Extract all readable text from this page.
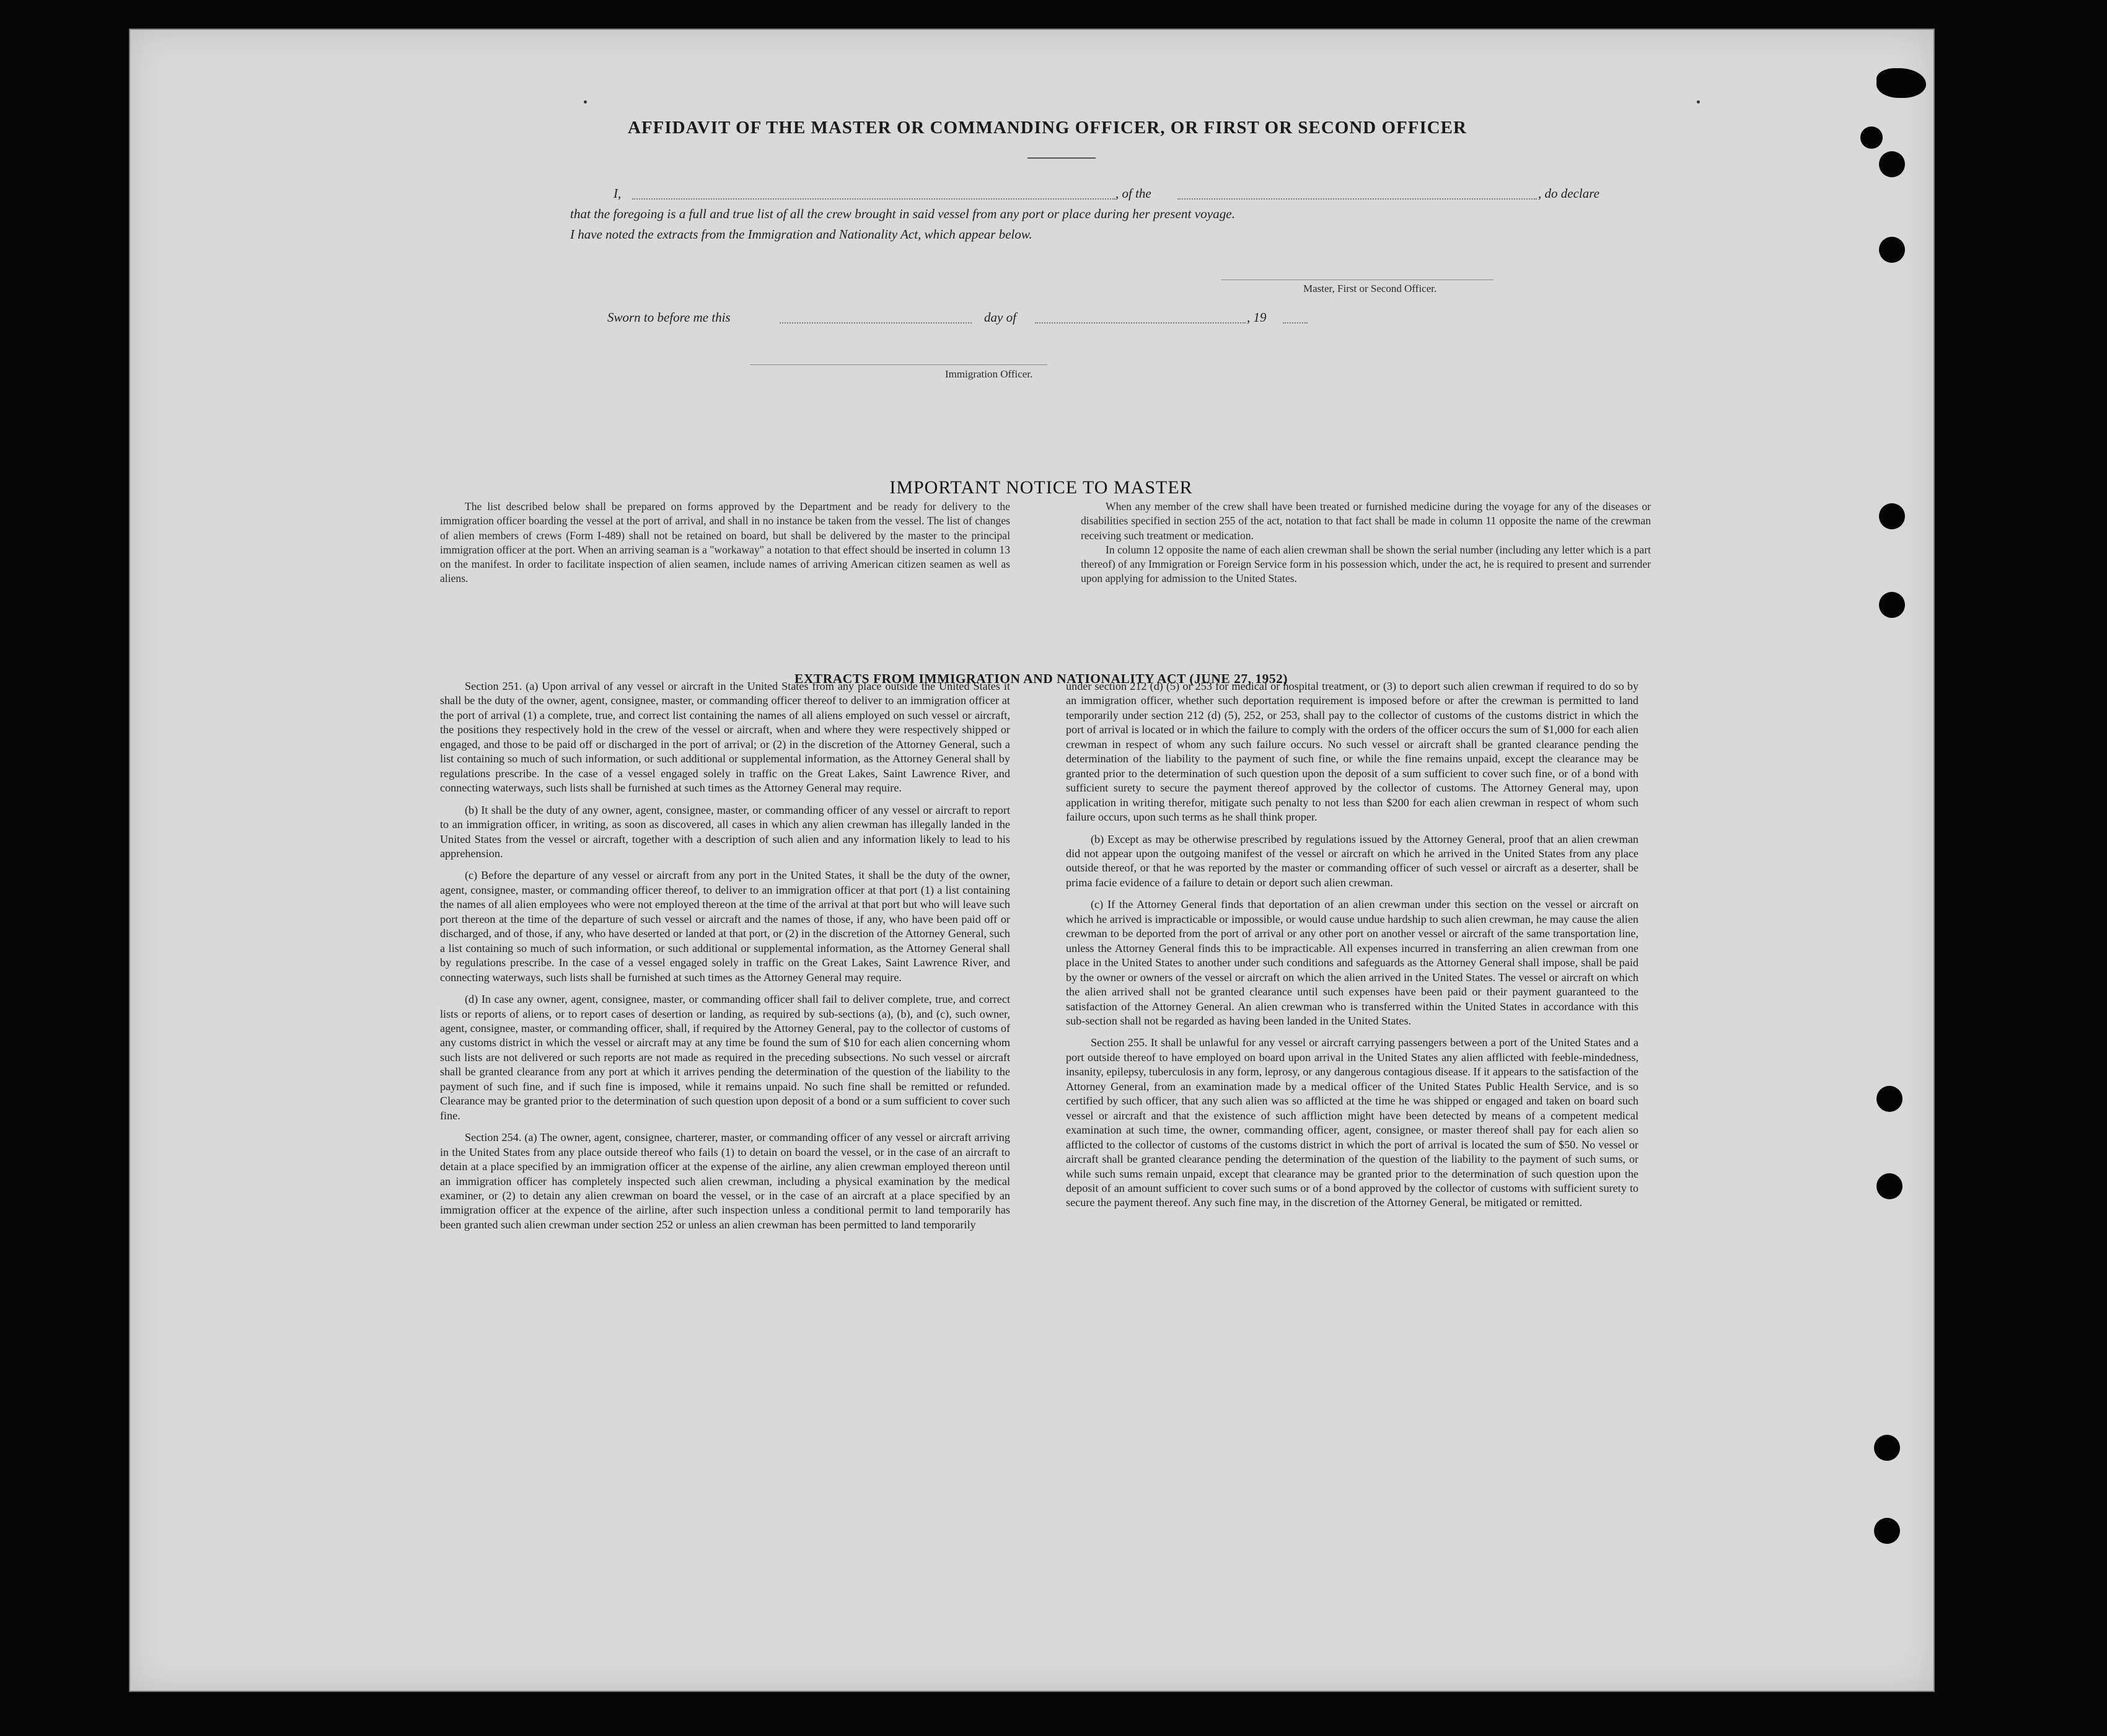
AFFIDAVIT OF THE MASTER OR COMMANDING OFFICER, OR FIRST OR SECOND OFFICER
I,	, of the	, do declare
that the foregoing is a full and true list of all the crew brought in said vessel from any port or place during her present voyage.
I have noted the extracts from the Immigration and Nationality Act, which appear below.
Master, First or Second Officer.
Sworn to before me this	day of	, 19
Immigration Officer.
IMPORTANT NOTICE TO MASTER

The list described below shall be prepared on forms approved by the Department and be ready for delivery to the immigration officer boarding the vessel at the port of arrival, and shall in no instance be taken from the vessel. The list of changes of alien members of crews (Form I-489) shall not be retained on board, but shall be delivered by the master to the principal immigration officer at the port. When an arriving seaman is a "workaway" a notation to that effect should be inserted in column 13 on the manifest. In order to facilitate inspection of alien seamen, include names of arriving American citizen seamen as well as aliens.

When any member of the crew shall have been treated or furnished medicine during the voyage for any of the diseases or disabilities specified in section 255 of the act, notation to that fact shall be made in column 11 opposite the name of the crewman receiving such treatment or medication.

In column 12 opposite the name of each alien crewman shall be shown the serial number (including any letter which is a part thereof) of any Immigration or Foreign Service form in his possession which, under the act, he is required to present and surrender upon applying for admission to the United States.

EXTRACTS FROM IMMIGRATION AND NATIONALITY ACT (JUNE 27, 1952)

Section 251. (a) Upon arrival of any vessel or aircraft in the United States from any place outside the United States it shall be the duty of the owner, agent, consignee, master, or commanding officer thereof to deliver to an immigration officer at the port of arrival (1) a complete, true, and correct list containing the names of all aliens employed on such vessel or aircraft, the positions they respectively hold in the crew of the vessel or aircraft, when and where they were respectively shipped or engaged, and those to be paid off or discharged in the port of arrival; or (2) in the discretion of the Attorney General, such a list containing so much of such information, or such additional or supplemental information, as the Attorney General shall by regulations prescribe. In the case of a vessel engaged solely in traffic on the Great Lakes, Saint Lawrence River, and connecting waterways, such lists shall be furnished at such times as the Attorney General may require.

(b) It shall be the duty of any owner, agent, consignee, master, or commanding officer of any vessel or aircraft to report to an immigration officer, in writing, as soon as discovered, all cases in which any alien crewman has illegally landed in the United States from the vessel or aircraft, together with a description of such alien and any information likely to lead to his apprehension.

(c) Before the departure of any vessel or aircraft from any port in the United States, it shall be the duty of the owner, agent, consignee, master, or commanding officer thereof, to deliver to an immigration officer at that port (1) a list containing the names of all alien employees who were not employed thereon at the time of the arrival at that port but who will leave such port thereon at the time of the departure of such vessel or aircraft and the names of those, if any, who have been paid off or discharged, and of those, if any, who have deserted or landed at that port, or (2) in the discretion of the Attorney General, such a list containing so much of such information, or such additional or supplemental information, as the Attorney General shall by regulations prescribe. In the case of a vessel engaged solely in traffic on the Great Lakes, Saint Lawrence River, and connecting waterways, such lists shall be furnished at such times as the Attorney General may require.

(d) In case any owner, agent, consignee, master, or commanding officer shall fail to deliver complete, true, and correct lists or reports of aliens, or to report cases of desertion or landing, as required by sub-sections (a), (b), and (c), such owner, agent, consignee, master, or commanding officer, shall, if required by the Attorney General, pay to the collector of customs of any customs district in which the vessel or aircraft may at any time be found the sum of $10 for each alien concerning whom such lists are not delivered or such reports are not made as required in the preceding subsections. No such vessel or aircraft shall be granted clearance from any port at which it arrives pending the determination of the question of the liability to the payment of such fine, and if such fine is imposed, while it remains unpaid. No such fine shall be remitted or refunded. Clearance may be granted prior to the determination of such question upon deposit of a bond or a sum sufficient to cover such fine.

Section 254. (a) The owner, agent, consignee, charterer, master, or commanding officer of any vessel or aircraft arriving in the United States from any place outside thereof who fails (1) to detain on board the vessel, or in the case of an aircraft to detain at a place specified by an immigration officer at the expense of the airline, any alien crewman employed thereon until an immigration officer has completely inspected such alien crewman, including a physical examination by the medical examiner, or (2) to detain any alien crewman on board the vessel, or in the case of an aircraft at a place specified by an immigration officer at the expence of the airline, after such inspection unless a conditional permit to land temporarily has been granted such alien crewman under section 252 or unless an alien crewman has been permitted to land temporarily

under section 212 (d) (5) or 253 for medical or hospital treatment, or (3) to deport such alien crewman if required to do so by an immigration officer, whether such deportation requirement is imposed before or after the crewman is permitted to land temporarily under section 212 (d) (5), 252, or 253, shall pay to the collector of customs of the customs district in which the port of arrival is located or in which the failure to comply with the orders of the officer occurs the sum of $1,000 for each alien crewman in respect of whom any such failure occurs. No such vessel or aircraft shall be granted clearance pending the determination of the liability to the payment of such fine, or while the fine remains unpaid, except the clearance may be granted prior to the determination of such question upon the deposit of a sum sufficient to cover such fine, or of a bond with sufficient surety to secure the payment thereof approved by the collector of customs. The Attorney General may, upon application in writing therefor, mitigate such penalty to not less than $200 for each alien crewman in respect of whom such failure occurs, upon such terms as he shall think proper.

(b) Except as may be otherwise prescribed by regulations issued by the Attorney General, proof that an alien crewman did not appear upon the outgoing manifest of the vessel or aircraft on which he arrived in the United States from any place outside thereof, or that he was reported by the master or commanding officer of such vessel or aircraft as a deserter, shall be prima facie evidence of a failure to detain or deport such alien crewman.

(c) If the Attorney General finds that deportation of an alien crewman under this section on the vessel or aircraft on which he arrived is impracticable or impossible, or would cause undue hardship to such alien crewman, he may cause the alien crewman to be deported from the port of arrival or any other port on another vessel or aircraft of the same transportation line, unless the Attorney General finds this to be impracticable. All expenses incurred in transferring an alien crewman from one place in the United States to another under such conditions and safeguards as the Attorney General shall impose, shall be paid by the owner or owners of the vessel or aircraft on which the alien arrived in the United States. The vessel or aircraft on which the alien arrived shall not be granted clearance until such expenses have been paid or their payment guaranteed to the satisfaction of the Attorney General. An alien crewman who is transferred within the United States in accordance with this sub-section shall not be regarded as having been landed in the United States.

Section 255. It shall be unlawful for any vessel or aircraft carrying passengers between a port of the United States and a port outside thereof to have employed on board upon arrival in the United States any alien afflicted with feeble-mindedness, insanity, epilepsy, tuberculosis in any form, leprosy, or any dangerous contagious disease. If it appears to the satisfaction of the Attorney General, from an examination made by a medical officer of the United States Public Health Service, and is so certified by such officer, that any such alien was so afflicted at the time he was shipped or engaged and taken on board such vessel or aircraft and that the existence of such affliction might have been detected by means of a competent medical examination at such time, the owner, commanding officer, agent, consignee, or master thereof shall pay for each alien so afflicted to the collector of customs of the customs district in which the port of arrival is located the sum of $50. No vessel or aircraft shall be granted clearance pending the determination of the question of the liability to the payment of such sums, or while such sums remain unpaid, except that clearance may be granted prior to the determination of such question upon the deposit of an amount sufficient to cover such sums or of a bond approved by the collector of customs with sufficient surety to secure the payment thereof. Any such fine may, in the discretion of the Attorney General, be mitigated or remitted.
